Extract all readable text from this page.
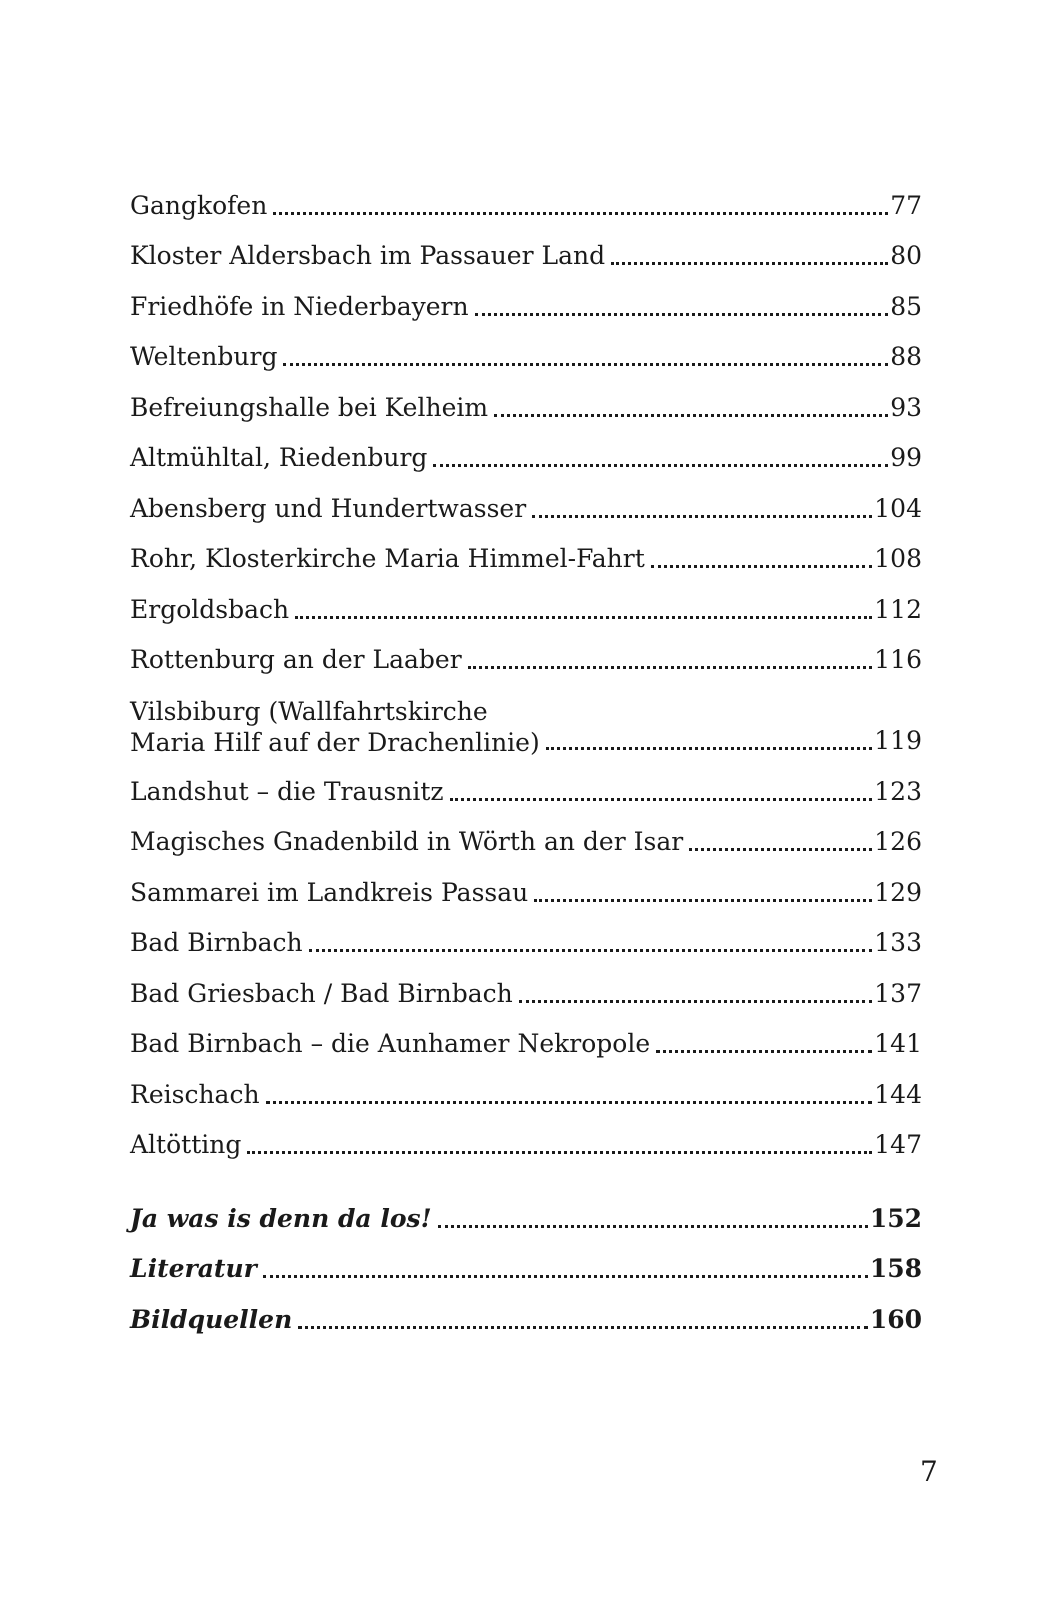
Gangkofen	77
Kloster Aldersbach im Passauer Land	80
Friedhöfe in Niederbayern	85
Weltenburg	88
Befreiungshalle bei Kelheim	93
Altmühltal, Riedenburg	99
Abensberg und Hundertwasser	104
Rohr, Klosterkirche Maria Himmel-Fahrt	108
Ergoldsbach	112
Rottenburg an der Laaber	116
Vilsbiburg (Wallfahrtskirche
Maria Hilf auf der Drachenlinie)	119
Landshut – die Trausnitz	123
Magisches Gnadenbild in Wörth an der Isar	126
Sammarei im Landkreis Passau	129
Bad Birnbach	133
Bad Griesbach / Bad Birnbach	137
Bad Birnbach – die Aunhamer Nekropole	141
Reischach	144
Altötting	147
Ja was is denn da los!	152
Literatur	158
Bildquellen	160
7
